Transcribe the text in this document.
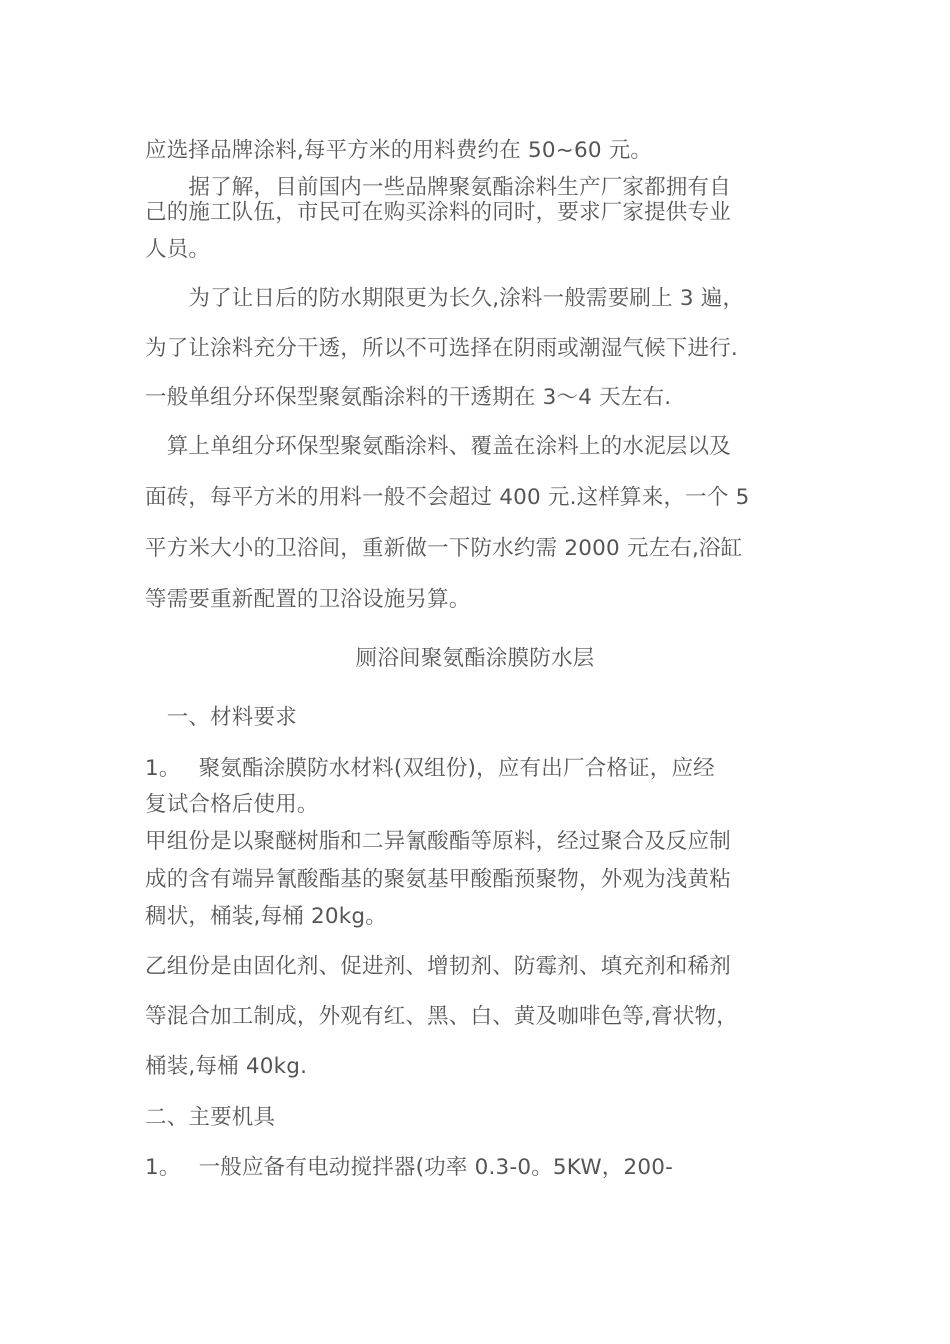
应选择品牌涂料,每平方米的用料费约在 50~60 元。
　　据了解，目前国内一些品牌聚氨酯涂料生产厂家都拥有自
己的施工队伍，市民可在购买涂料的同时，要求厂家提供专业
人员。
　　为了让日后的防水期限更为长久,涂料一般需要刷上 3 遍，
为了让涂料充分干透，所以不可选择在阴雨或潮湿气候下进行.
一般单组分环保型聚氨酯涂料的干透期在 3～4 天左右.
　算上单组分环保型聚氨酯涂料、覆盖在涂料上的水泥层以及
面砖，每平方米的用料一般不会超过 400 元.这样算来，一个 5
平方米大小的卫浴间，重新做一下防水约需 2000 元左右,浴缸
等需要重新配置的卫浴设施另算。
厕浴间聚氨酯涂膜防水层
　一、材料要求
1。　 聚氨酯涂膜防水材料(双组份)，应有出厂合格证，应经
复试合格后使用。
甲组份是以聚醚树脂和二异氰酸酯等原料，经过聚合及反应制
成的含有端异氰酸酯基的聚氨基甲酸酯预聚物，外观为浅黄粘
稠状，桶装,每桶 20kg。
乙组份是由固化剂、促进剂、增韧剂、防霉剂、填充剂和稀剂
等混合加工制成，外观有红、黑、白、黄及咖啡色等,膏状物，
桶装,每桶 40kg.
二、主要机具
1。　 一般应备有电动搅拌器(功率 0.3-0。5KW，200-
